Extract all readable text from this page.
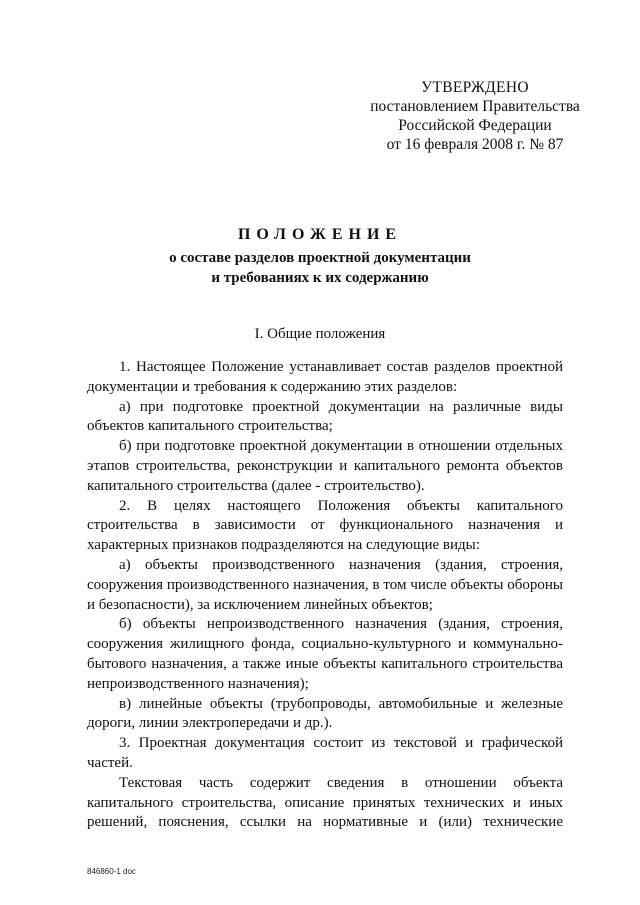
УТВЕРЖДЕНО
постановлением Правительства
Российской Федерации
от 16 февраля 2008 г. № 87
ПОЛОЖЕНИЕ
о составе разделов проектной документации
и требованиях к их содержанию
I. Общие положения

1. Настоящее Положение устанавливает состав разделов проектной документации и требования к содержанию этих разделов:

а) при подготовке проектной документации на различные виды объектов капитального строительства;

б) при подготовке проектной документации в отношении отдельных этапов строительства, реконструкции и капитального ремонта объектов капитального строительства (далее - строительство).

2. В целях настоящего Положения объекты капитального строительства в зависимости от функционального назначения и характерных признаков подразделяются на следующие виды:

а) объекты производственного назначения (здания, строения, сооружения производственного назначения, в том числе объекты обороны и безопасности), за исключением линейных объектов;

б) объекты непроизводственного назначения (здания, строения, сооружения жилищного фонда, социально-культурного и коммунально-бытового назначения, а также иные объекты капитального строительства непроизводственного назначения);

в) линейные объекты (трубопроводы, автомобильные и железные дороги, линии электропередачи и др.).

3. Проектная документация состоит из текстовой и графической частей.

Текстовая часть содержит сведения в отношении объекта капитального строительства, описание принятых технических и иных решений, пояснения, ссылки на нормативные и (или) технические

846860-1 doc
